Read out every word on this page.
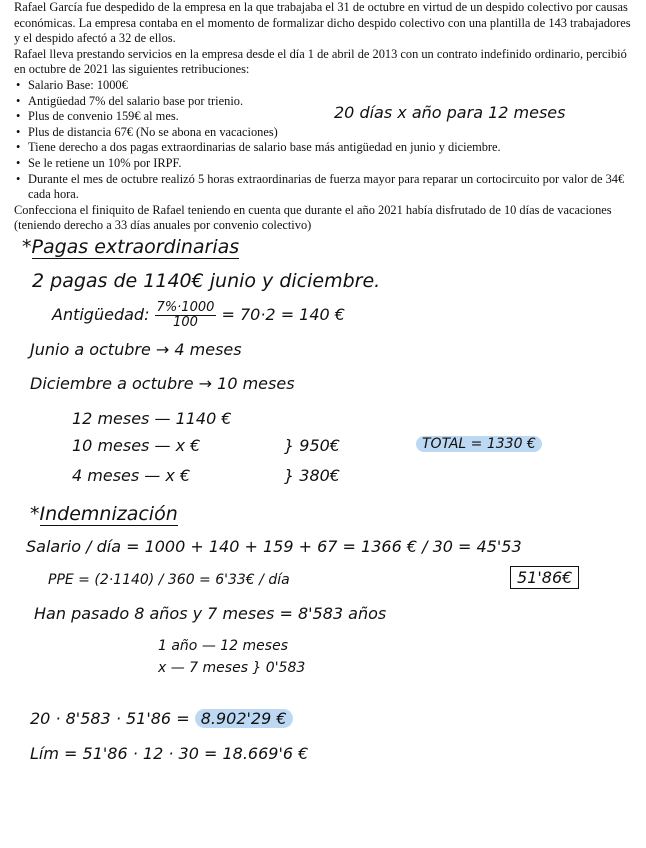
Rafael García fue despedido de la empresa en la que trabajaba el 31 de octubre en virtud de un despido colectivo por causas económicas. La empresa contaba en el momento de formalizar dicho despido colectivo con una plantilla de 143 trabajadores y el despido afectó a 32 de ellos.

Rafael lleva prestando servicios en la empresa desde el día 1 de abril de 2013 con un contrato indefinido ordinario, percibió en octubre de 2021 las siguientes retribuciones:

• Salario Base: 1000€
• Antigüedad 7% del salario base por trienio.
• Plus de convenio 159€ al mes.
• Plus de distancia 67€ (No se abona en vacaciones)
• Tiene derecho a dos pagas extraordinarias de salario base más antigüedad en junio y diciembre.
• Se le retiene un 10% por IRPF.
• Durante el mes de octubre realizó 5 horas extraordinarias de fuerza mayor para reparar un cortocircuito por valor de 34€ cada hora.

Confecciona el finiquito de Rafael teniendo en cuenta que durante el año 2021 había disfrutado de 10 días de vacaciones (teniendo derecho a 33 días anuales por convenio colectivo)

20 días x año para 12 meses
*Pagas extraordinarias
2 pagas de 1140€ junio y diciembre.
Antigüedad: $\frac{7\%\cdot 1000}{100} = 70\cdot 2 = 140$ €
Junio a octubre → 4 meses
Diciembre a octubre → 10 meses
12 meses — 1140 €
10 meses — x €	} 950€	TOTAL = 1330 €
4 meses — x €	} 380€
*Indemnización
Salario / día = 1000 + 140 + 159 + 67 = 1366 € / 30 = 45'53
PPE = (2·1140) / 360 = 6'33€ / día	51'86€
Han pasado 8 años y 7 meses = 8'583 años
1 año — 12 meses
x — 7 meses } 0'583
20 · 8'583 · 51'86 = 8.902'29 €
Lím = 51'86 · 12 · 30 = 18.669'6 €
